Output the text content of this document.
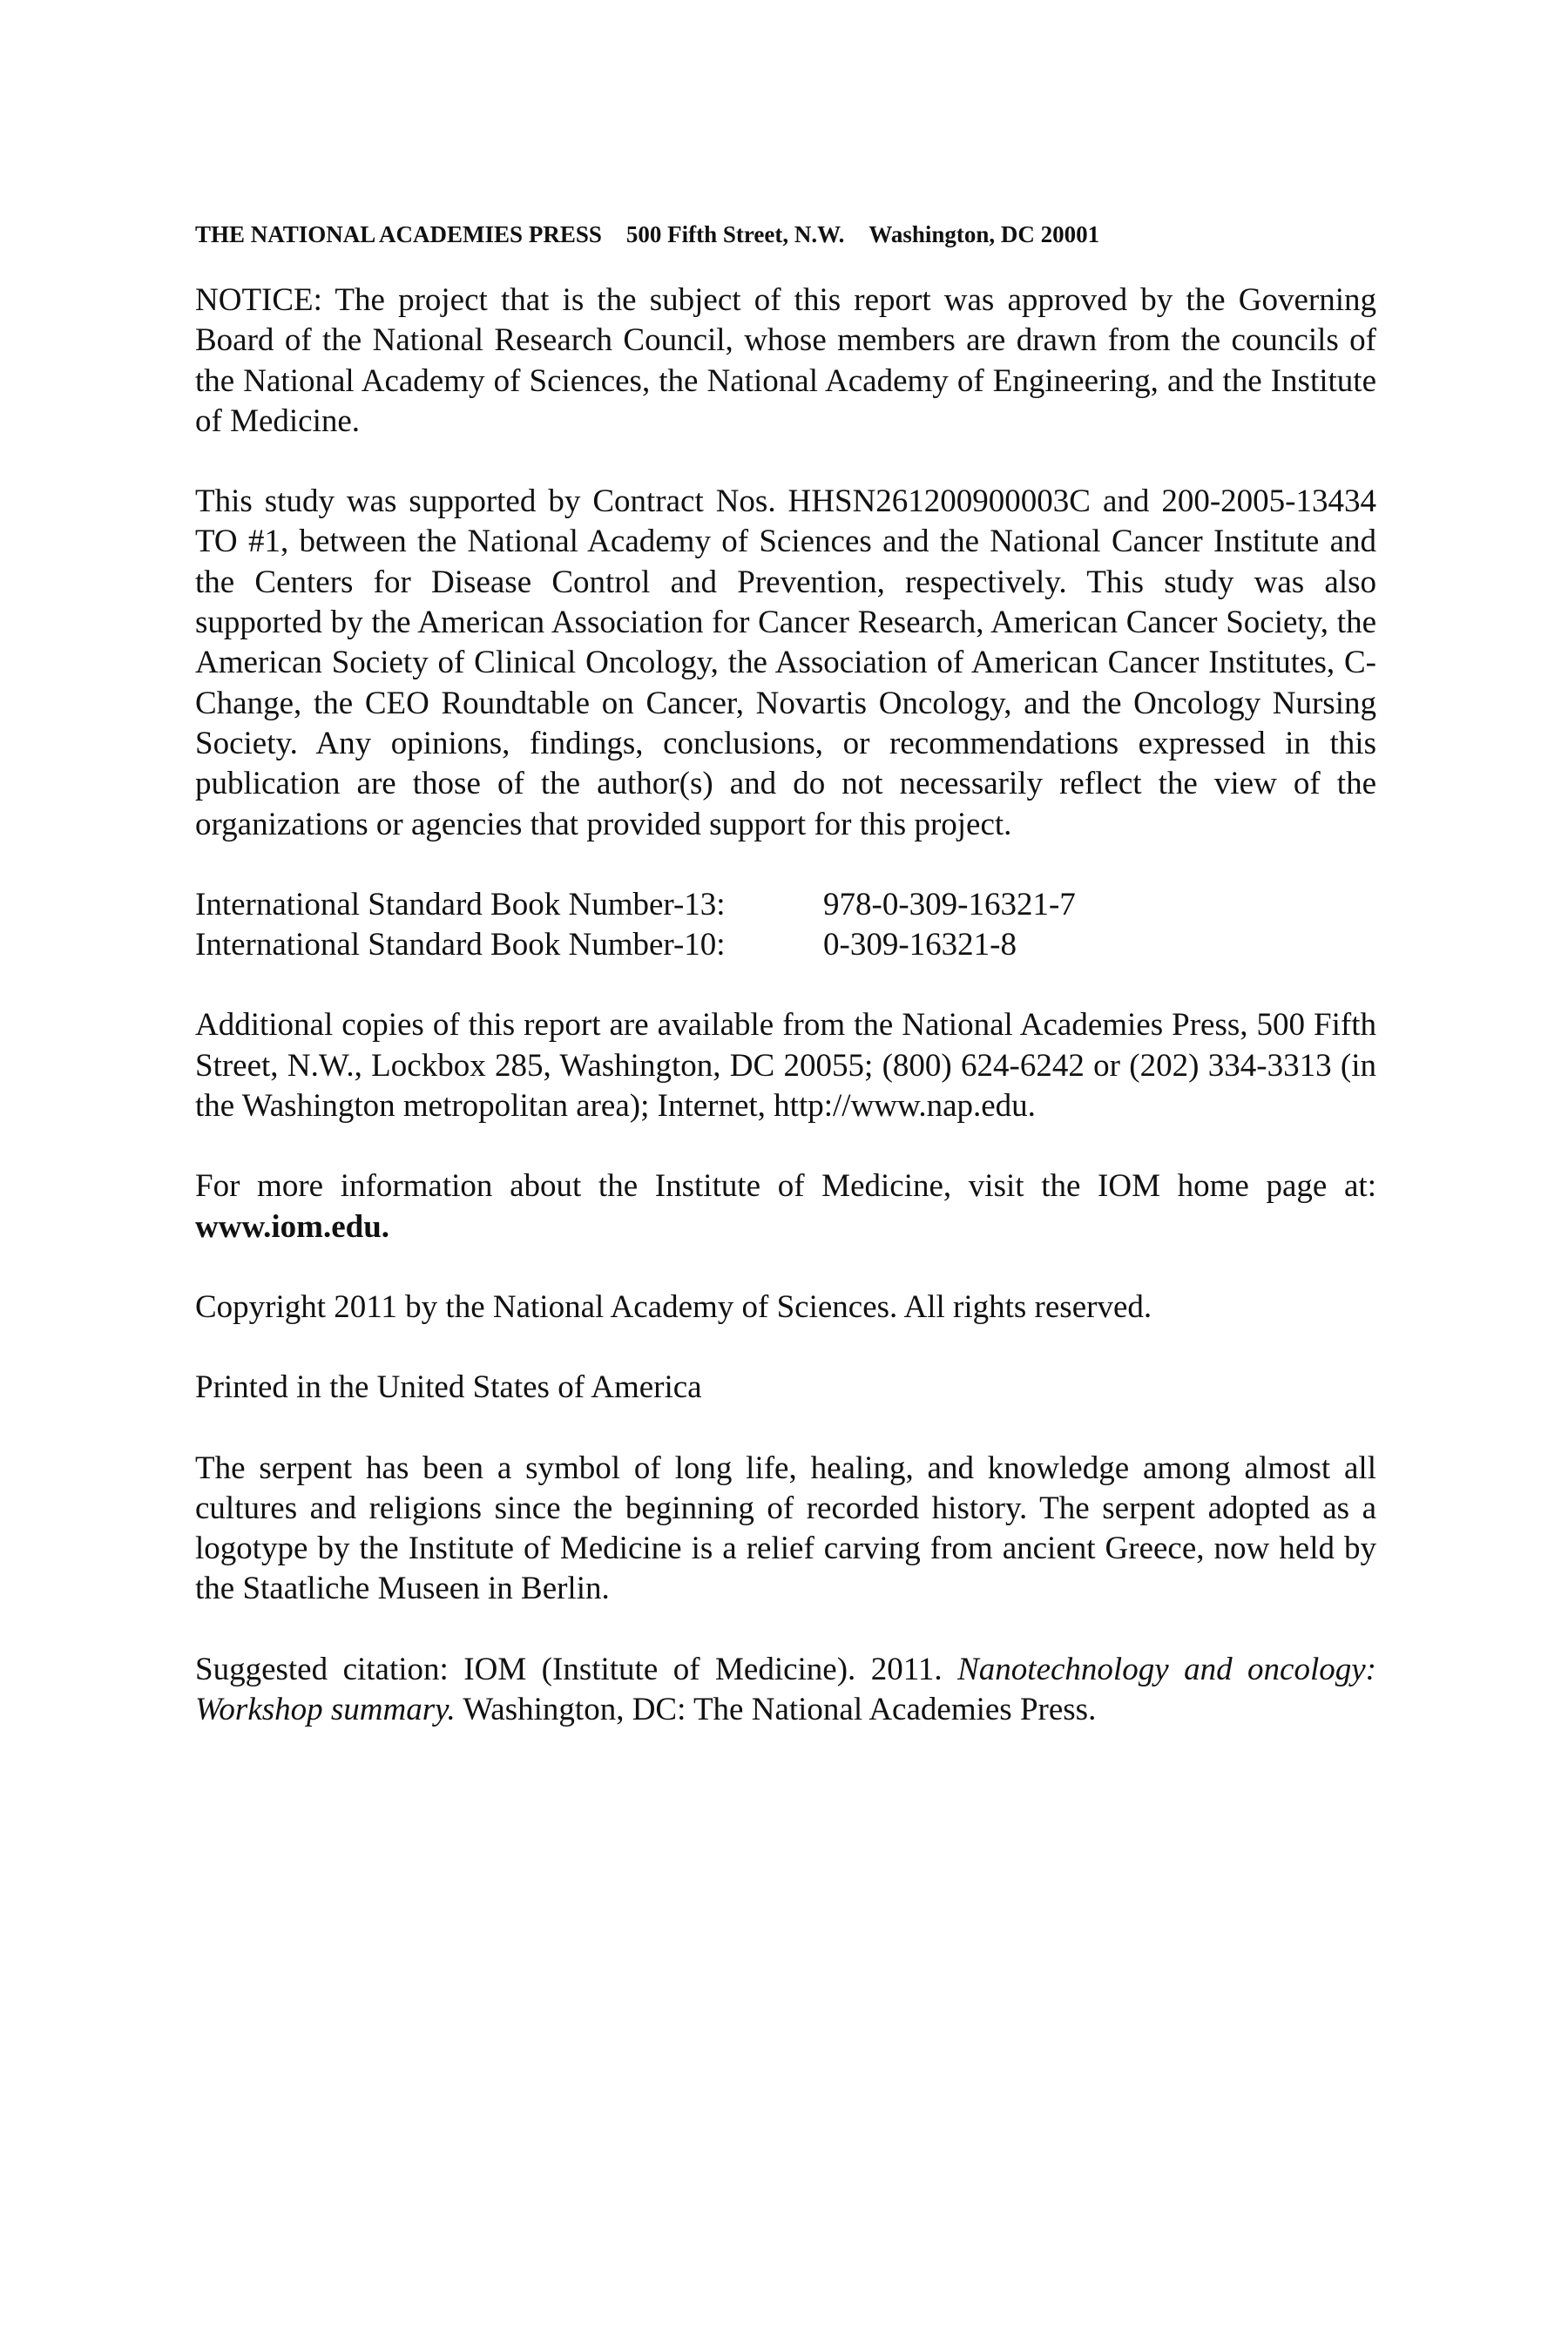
THE NATIONAL ACADEMIES PRESS 500 Fifth Street, N.W. Washington, DC 20001

NOTICE: The project that is the subject of this report was approved by the Governing Board of the National Research Council, whose members are drawn from the councils of the National Academy of Sciences, the National Academy of Engineering, and the Institute of Medicine.

This study was supported by Contract Nos. HHSN261200900003C and 200-2005-13434 TO #1, between the National Academy of Sciences and the National Cancer Institute and the Centers for Disease Control and Prevention, respectively. This study was also supported by the American Association for Cancer Research, American Cancer Society, the American Society of Clinical Oncology, the Association of American Cancer Institutes, C-Change, the CEO Roundtable on Cancer, Novartis Oncology, and the Oncology Nursing Society. Any opinions, findings, conclusions, or recommendations expressed in this publication are those of the author(s) and do not necessarily reflect the view of the organizations or agencies that provided support for this project.

International Standard Book Number-13:	978-0-309-16321-7
International Standard Book Number-10:	0-309-16321-8

Additional copies of this report are available from the National Academies Press, 500 Fifth Street, N.W., Lockbox 285, Washington, DC 20055; (800) 624-6242 or (202) 334-3313 (in the Washington metropolitan area); Internet, http://www.nap.edu.

For more information about the Institute of Medicine, visit the IOM home page at: www.iom.edu.

Copyright 2011 by the National Academy of Sciences. All rights reserved.

Printed in the United States of America

The serpent has been a symbol of long life, healing, and knowledge among almost all cultures and religions since the beginning of recorded history. The serpent adopted as a logotype by the Institute of Medicine is a relief carving from ancient Greece, now held by the Staatliche Museen in Berlin.

Suggested citation: IOM (Institute of Medicine). 2011. Nanotechnology and oncology: Workshop summary. Washington, DC: The National Academies Press.
